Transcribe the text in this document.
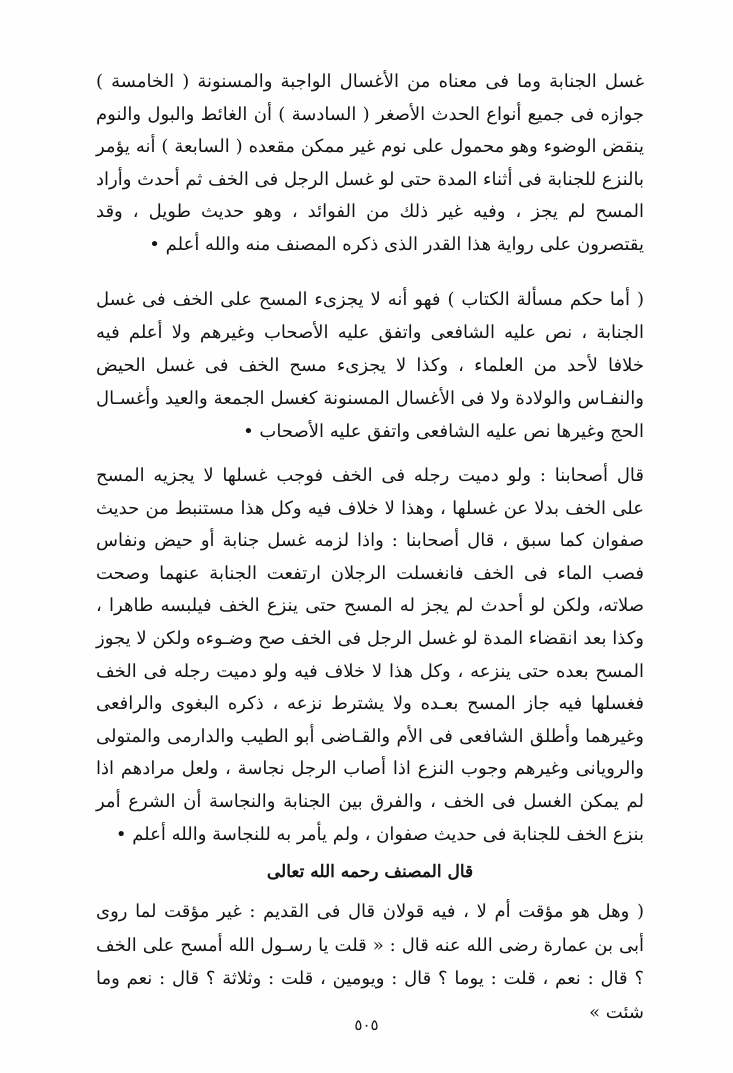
غسل الجنابة وما فى معناه من الأغسال الواجبة والمسنونة ( الخامسة ) جوازه فى جميع أنواع الحدث الأصغر ( السادسة ) أن الغائط والبول والنوم ينقض الوضوء وهو محمول على نوم غير ممكن مقعده ( السابعة ) أنه يؤمر بالنزع للجنابة فى أثناء المدة حتى لو غسل الرجل فى الخف ثم أحدث وأراد المسح لم يجز ، وفيه غير ذلك من الفوائد ، وهو حديث طويل ، وقد يقتصرون على رواية هذا القدر الذى ذكره المصنف منه والله أعلم •

( أما حكم مسألة الكتاب ) فهو أنه لا يجزىء المسح على الخف فى غسل الجنابة ، نص عليه الشافعى واتفق عليه الأصحاب وغيرهم ولا أعلم فيه خلافا لأحد من العلماء ، وكذا لا يجزىء مسح الخف فى غسل الحيض والنفـاس والولادة ولا فى الأغسال المسنونة كغسل الجمعة والعيد وأغسـال الحج وغيرها نص عليه الشافعى واتفق عليه الأصحاب •

قال أصحابنا : ولو دميت رجله فى الخف فوجب غسلها لا يجزيه المسح على الخف بدلا عن غسلها ، وهذا لا خلاف فيه وكل هذا مستنبط من حديث صفوان كما سبق ، قال أصحابنا : واذا لزمه غسل جنابة أو حيض ونفاس فصب الماء فى الخف فانغسلت الرجلان ارتفعت الجنابة عنهما وصحت صلاته، ولكن لو أحدث لم يجز له المسح حتى ينزع الخف فيلبسه طاهرا ، وكذا بعد انقضاء المدة لو غسل الرجل فى الخف صح وضـوءه ولكن لا يجوز المسح بعده حتى ينزعه ، وكل هذا لا خلاف فيه ولو دميت رجله فى الخف فغسلها فيه جاز المسح بعـده ولا يشترط نزعه ، ذكره البغوى والرافعى وغيرهما وأطلق الشافعى فى الأم والقـاضى أبو الطيب والدارمى والمتولى والرويانى وغيرهم وجوب النزع اذا أصاب الرجل نجاسة ، ولعل مرادهم اذا لم يمكن الغسل فى الخف ، والفرق بين الجنابة والنجاسة أن الشرع أمر بنزع الخف للجنابة فى حديث صفوان ، ولم يأمر به للنجاسة والله أعلم •

قال المصنف رحمه الله تعالى

( وهل هو مؤقت أم لا ، فيه قولان قال فى القديم : غير مؤقت لما روى أبى بن عمارة رضى الله عنه قال : « قلت يا رسـول الله أمسح على الخف ؟ قال : نعم ، قلت : يوما ؟ قال : ويومين ، قلت : وثلاثة ؟ قال : نعم وما شئت »

٥٠٥
